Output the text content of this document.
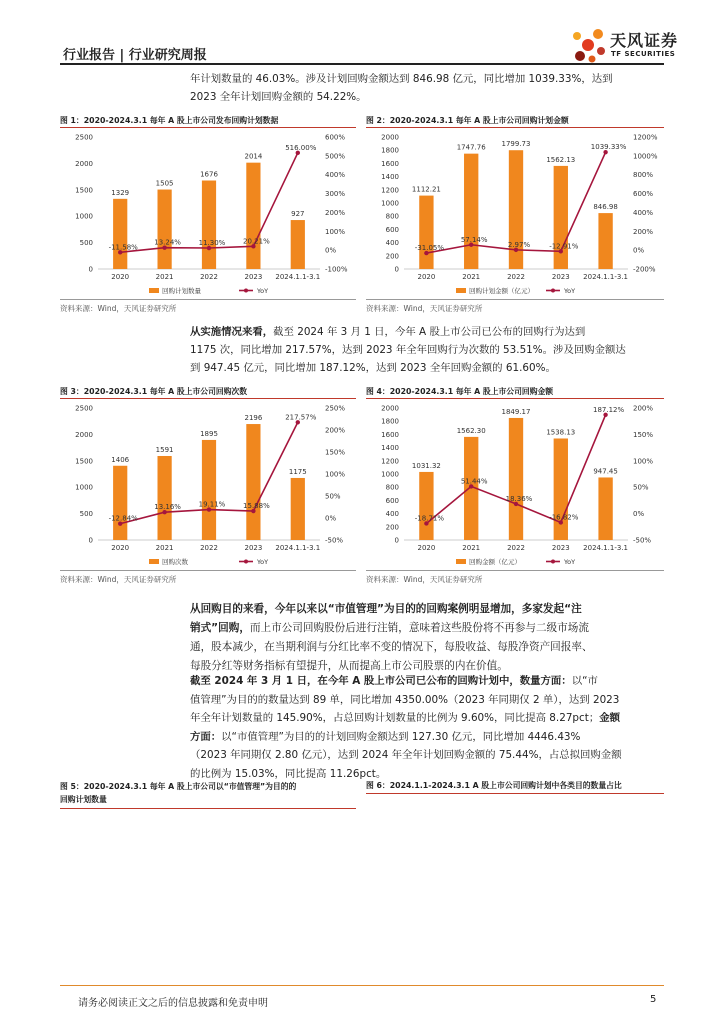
行业报告 | 行业研究周报
天风证券
TF SECURITIES
年计划数量的 46.03%。涉及计划回购金额达到 846.98 亿元，同比增加 1039.33%，达到
2023 全年计划回购金额的 54.22%。
图 1：2020-2024.3.1 每年 A 股上市公司发布回购计划数据
0
500
1000
1500
2000
2500
-100%
0%
100%
200%
300%
400%
500%
600%
1329
2020
1505
2021
1676
2022
2014
2023
927
2024.1.1-3.1
-11.58%
13.24%	11.30%	20.21%
516.00%
回购计划数量	YoY
资料来源：Wind，天风证券研究所
图 2：2020-2024.3.1 每年 A 股上市公司回购计划金额
0
200
400
600
800
1000
1200
1400
1600
1800
2000
-200%
0%
200%
400%
600%
800%
1000%
1200%
1112.21
2020
1747.76
2021
1799.73
2022
1562.13
2023
846.98
2024.1.1-3.1
-31.05%
57.14%
2.97%	-12.91%
1039.33%
回购计划金额（亿元）	YoY
资料来源：Wind，天风证券研究所
从实施情况来看，截至 2024 年 3 月 1 日，今年 A 股上市公司已公布的回购行为达到
1175 次，同比增加 217.57%，达到 2023 年全年回购行为次数的 53.51%。涉及回购金额达
到 947.45 亿元，同比增加 187.12%，达到 2023 全年回购金额的 61.60%。
图 3：2020-2024.3.1 每年 A 股上市公司回购次数
0
500
1000
1500
2000
2500
-50%
0%
50%
100%
150%
200%
250%
1406
2020
1591
2021
1895
2022
2196
2023
1175
2024.1.1-3.1
-12.84%
13.16%	19.11%	15.88%
217.57%
回购次数	YoY
资料来源：Wind，天风证券研究所
图 4：2020-2024.3.1 每年 A 股上市公司回购金额
0
200
400
600
800
1000
1200
1400
1600
1800
2000
-50%
0%
50%
100%
150%
200%
1031.32
2020
1562.30
2021
1849.17
2022
1538.13
2023
947.45
2024.1.1-3.1
-18.71%
51.44%
18.36%
-16.82%
187.12%
回购金额（亿元）	YoY
资料来源：Wind，天风证券研究所
从回购目的来看，今年以来以“市值管理”为目的的回购案例明显增加，多家发起“注
销式”回购，而上市公司回购股份后进行注销，意味着这些股份将不再参与二级市场流
通，股本减少，在当期利润与分红比率不变的情况下，每股收益、每股净资产回报率、
每股分红等财务指标有望提升，从而提高上市公司股票的内在价值。
截至 2024 年 3 月 1 日，在今年 A 股上市公司已公布的回购计划中，数量方面：以“市
值管理”为目的的数量达到 89 单，同比增加 4350.00%（2023 年同期仅 2 单），达到 2023
年全年计划数量的 145.90%，占总回购计划数量的比例为 9.60%，同比提高 8.27pct；金额
方面：以“市值管理”为目的的计划回购金额达到 127.30 亿元，同比增加 4446.43%
（2023 年同期仅 2.80 亿元），达到 2024 年全年计划回购金额的 75.44%，占总拟回购金额
的比例为 15.03%，同比提高 11.26pct。
图 5：2020-2024.3.1 每年 A 股上市公司以“市值管理”为目的的
回购计划数量
图 6：2024.1.1-2024.3.1 A 股上市公司回购计划中各类目的数量占比
请务必阅读正文之后的信息披露和免责申明	5
